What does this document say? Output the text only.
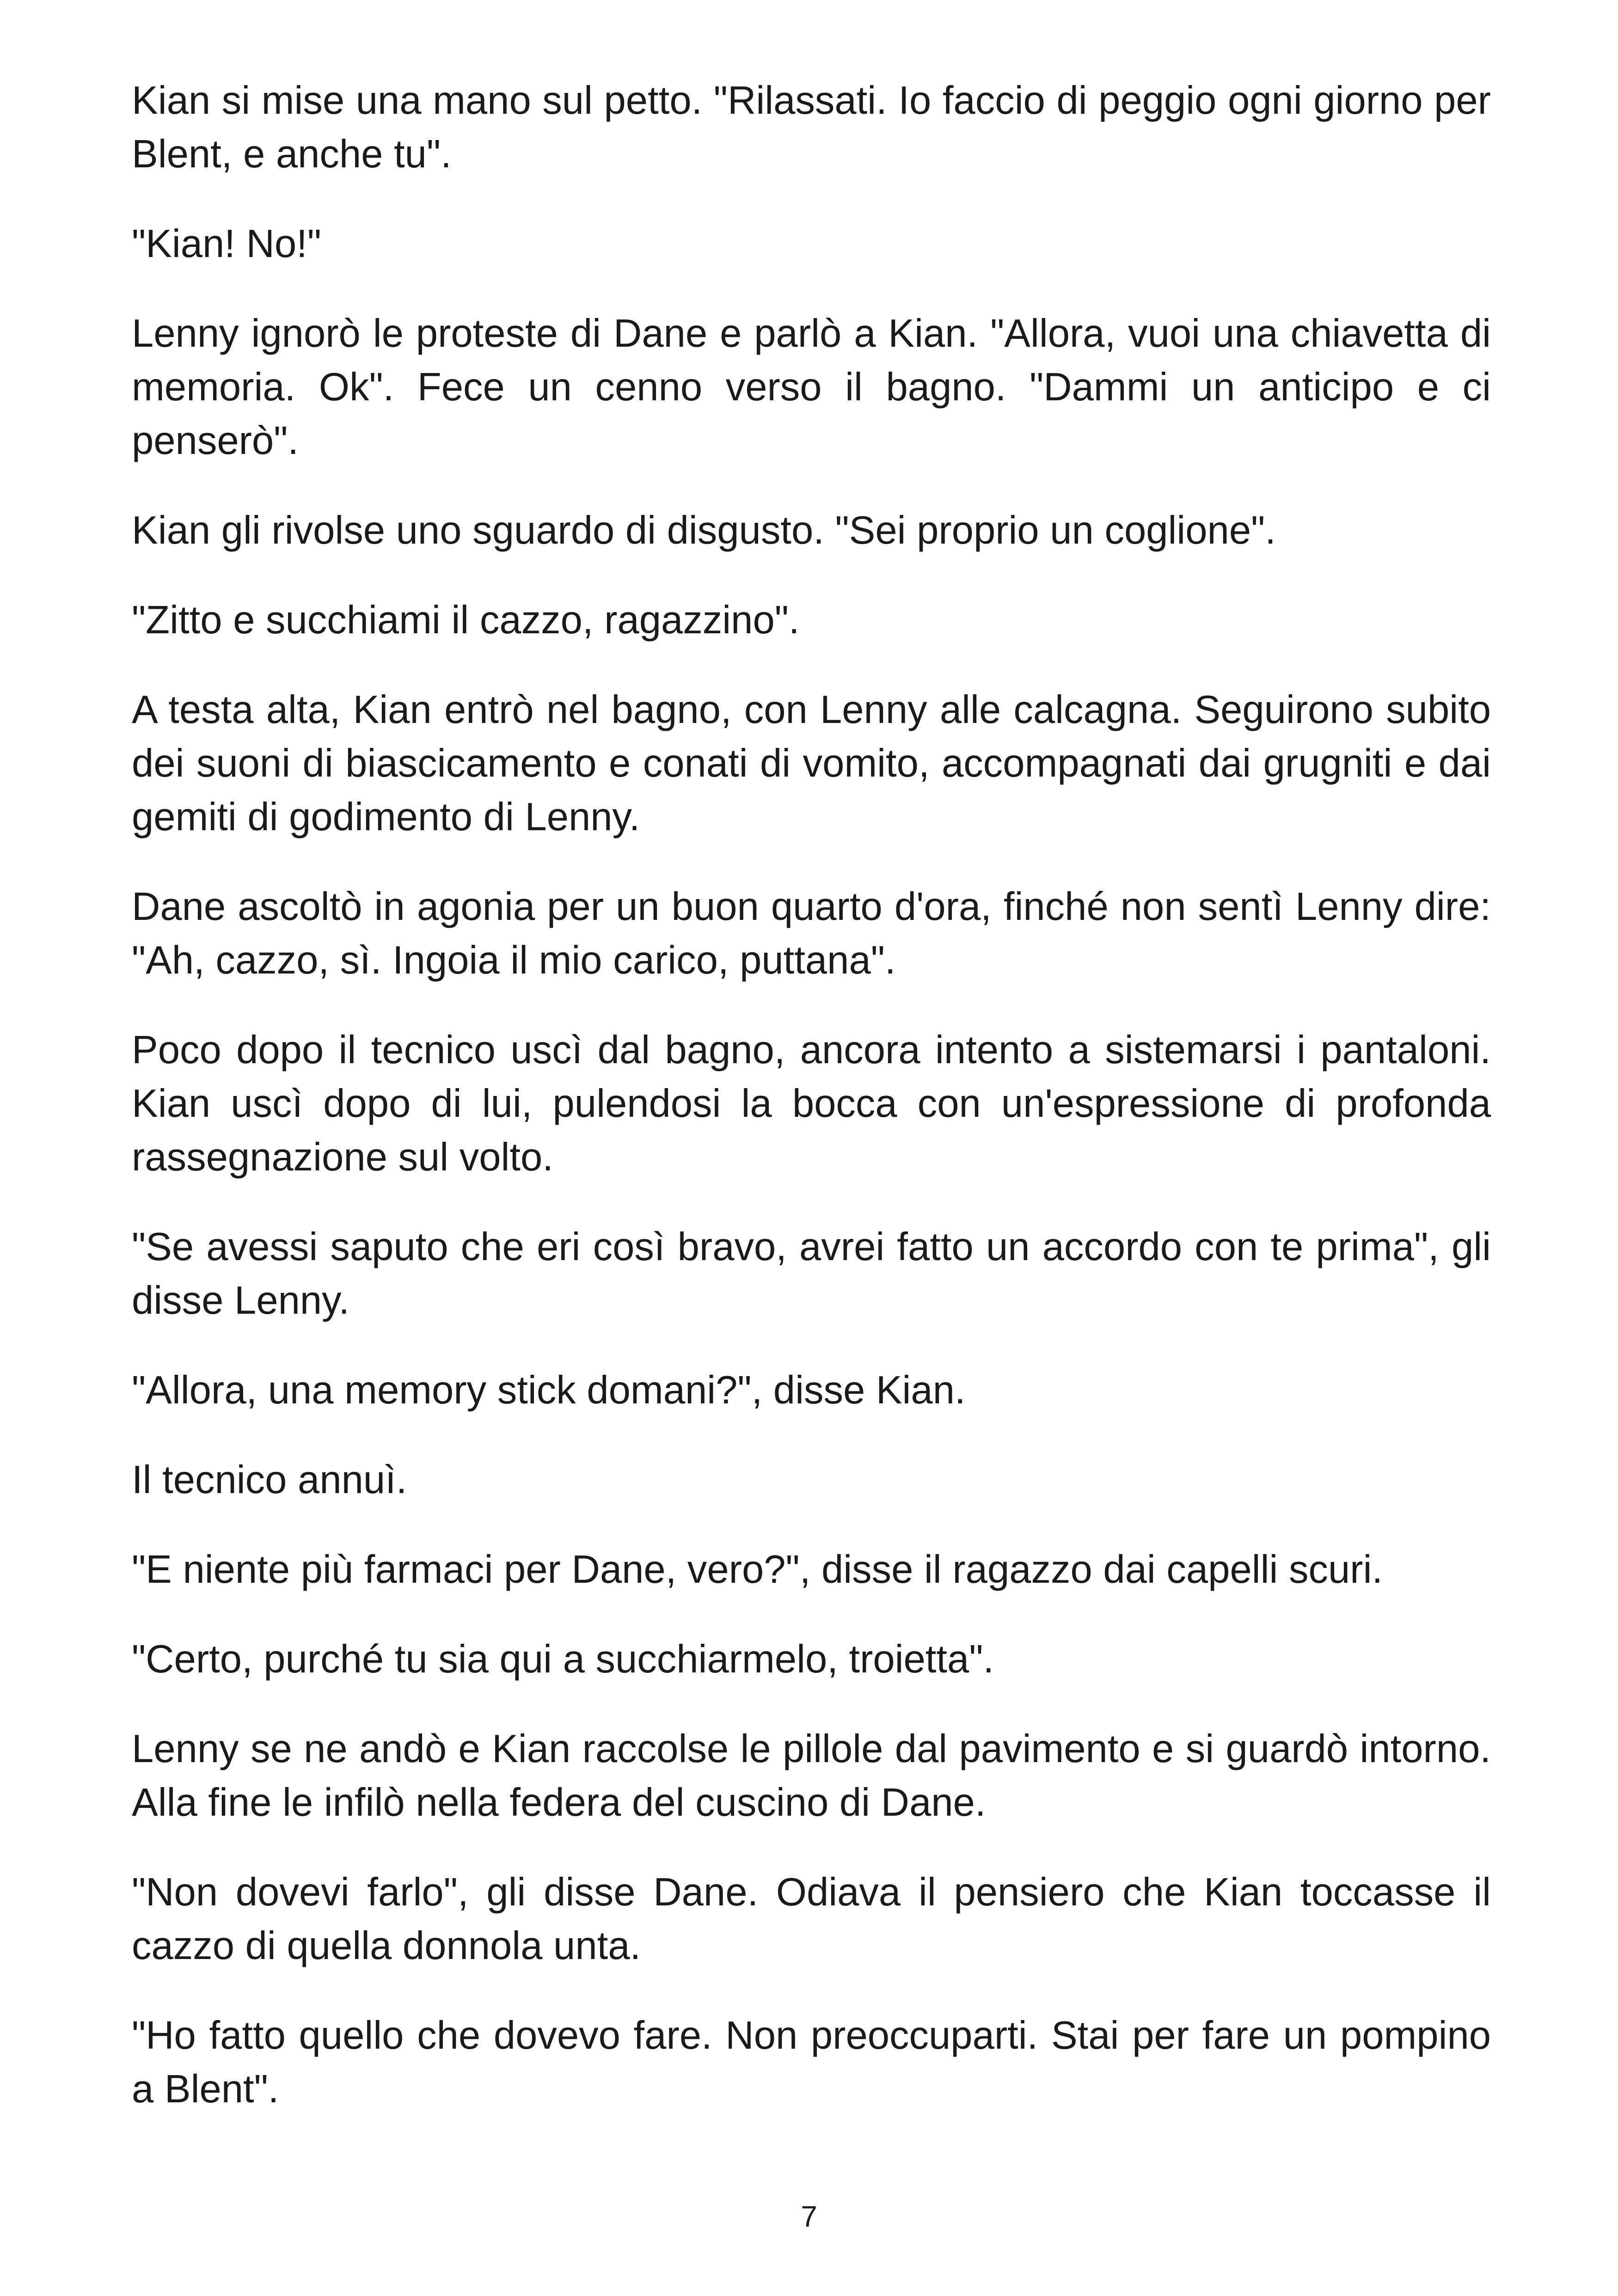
Kian si mise una mano sul petto. "Rilassati. Io faccio di peggio ogni giorno per Blent, e anche tu".

"Kian! No!"

Lenny ignorò le proteste di Dane e parlò a Kian. "Allora, vuoi una chiavetta di memoria. Ok". Fece un cenno verso il bagno. "Dammi un anticipo e ci penserò".

Kian gli rivolse uno sguardo di disgusto. "Sei proprio un coglione".

"Zitto e succhiami il cazzo, ragazzino".

A testa alta, Kian entrò nel bagno, con Lenny alle calcagna. Seguirono subito dei suoni di biascicamento e conati di vomito, accompagnati dai grugniti e dai gemiti di godimento di Lenny.

Dane ascoltò in agonia per un buon quarto d'ora, finché non sentì Lenny dire: "Ah, cazzo, sì. Ingoia il mio carico, puttana".

Poco dopo il tecnico uscì dal bagno, ancora intento a sistemarsi i pantaloni. Kian uscì dopo di lui, pulendosi la bocca con un'espressione di profonda rassegnazione sul volto.

"Se avessi saputo che eri così bravo, avrei fatto un accordo con te prima", gli disse Lenny.

"Allora, una memory stick domani?", disse Kian.

Il tecnico annuì.

"E niente più farmaci per Dane, vero?", disse il ragazzo dai capelli scuri.

"Certo, purché tu sia qui a succhiarmelo, troietta".

Lenny se ne andò e Kian raccolse le pillole dal pavimento e si guardò intorno. Alla fine le infilò nella federa del cuscino di Dane.

"Non dovevi farlo", gli disse Dane. Odiava il pensiero che Kian toccasse il cazzo di quella donnola unta.

"Ho fatto quello che dovevo fare. Non preoccuparti. Stai per fare un pompino a Blent".

7
